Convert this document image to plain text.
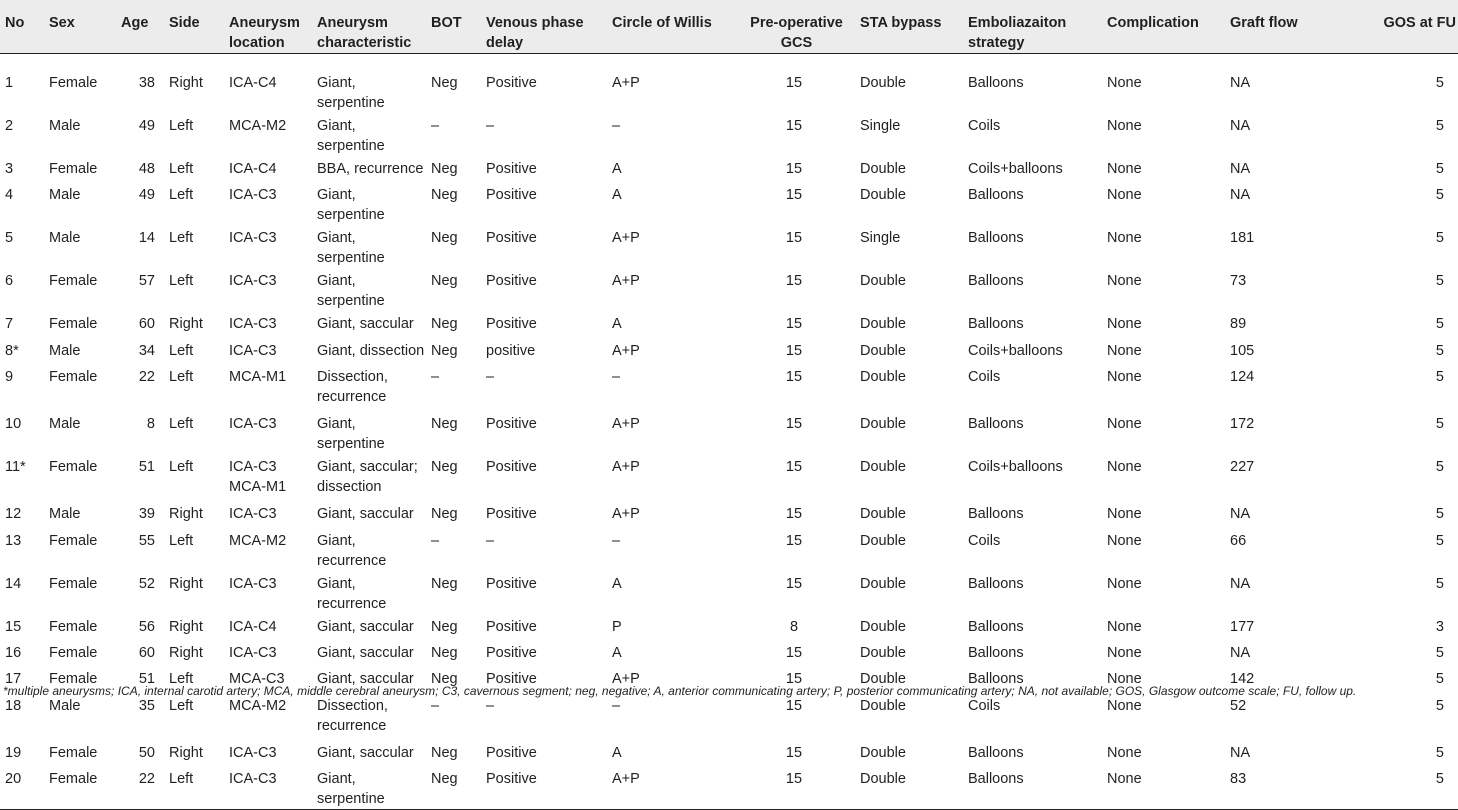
No	Sex	Age	Side	Aneurysm location	Aneurysm characteristic	BOT	Venous phase delay	Circle of Willis	Pre-operative GCS	STA bypass	Emboliazaiton strategy	Complication	Graft flow	GOS at FU
1	Female	38	Right	ICA-C4	Giant, serpentine	Neg	Positive	A+P	15	Double	Balloons	None	NA	5
2	Male	49	Left	MCA-M2	Giant, serpentine	–	–	–	15	Single	Coils	None	NA	5
3	Female	48	Left	ICA-C4	BBA, recurrence	Neg	Positive	A	15	Double	Coils+balloons	None	NA	5
4	Male	49	Left	ICA-C3	Giant, serpentine	Neg	Positive	A	15	Double	Balloons	None	NA	5
5	Male	14	Left	ICA-C3	Giant, serpentine	Neg	Positive	A+P	15	Single	Balloons	None	181	5
6	Female	57	Left	ICA-C3	Giant, serpentine	Neg	Positive	A+P	15	Double	Balloons	None	73	5
7	Female	60	Right	ICA-C3	Giant, saccular	Neg	Positive	A	15	Double	Balloons	None	89	5
8*	Male	34	Left	ICA-C3	Giant, dissection	Neg	positive	A+P	15	Double	Coils+balloons	None	105	5
9	Female	22	Left	MCA-M1	Dissection, recurrence	–	–	–	15	Double	Coils	None	124	5
10	Male	8	Left	ICA-C3	Giant, serpentine	Neg	Positive	A+P	15	Double	Balloons	None	172	5
11*	Female	51	Left	ICA-C3 MCA-M1	Giant, saccular; dissection	Neg	Positive	A+P	15	Double	Coils+balloons	None	227	5
12	Male	39	Right	ICA-C3	Giant, saccular	Neg	Positive	A+P	15	Double	Balloons	None	NA	5
13	Female	55	Left	MCA-M2	Giant, recurrence	–	–	–	15	Double	Coils	None	66	5
14	Female	52	Right	ICA-C3	Giant, recurrence	Neg	Positive	A	15	Double	Balloons	None	NA	5
15	Female	56	Right	ICA-C4	Giant, saccular	Neg	Positive	P	8	Double	Balloons	None	177	3
16	Female	60	Right	ICA-C3	Giant, saccular	Neg	Positive	A	15	Double	Balloons	None	NA	5
17	Female	51	Left	MCA-C3	Giant, saccular	Neg	Positive	A+P	15	Double	Balloons	None	142	5
18	Male	35	Left	MCA-M2	Dissection, recurrence	–	–	–	15	Double	Coils	None	52	5
19	Female	50	Right	ICA-C3	Giant, saccular	Neg	Positive	A	15	Double	Balloons	None	NA	5
20	Female	22	Left	ICA-C3	Giant, serpentine	Neg	Positive	A+P	15	Double	Balloons	None	83	5
*multiple aneurysms; ICA, internal carotid artery; MCA, middle cerebral aneurysm; C3, cavernous segment; neg, negative; A, anterior communicating artery; P, posterior communicating artery; NA, not available; GOS, Glasgow outcome scale; FU, follow up.
